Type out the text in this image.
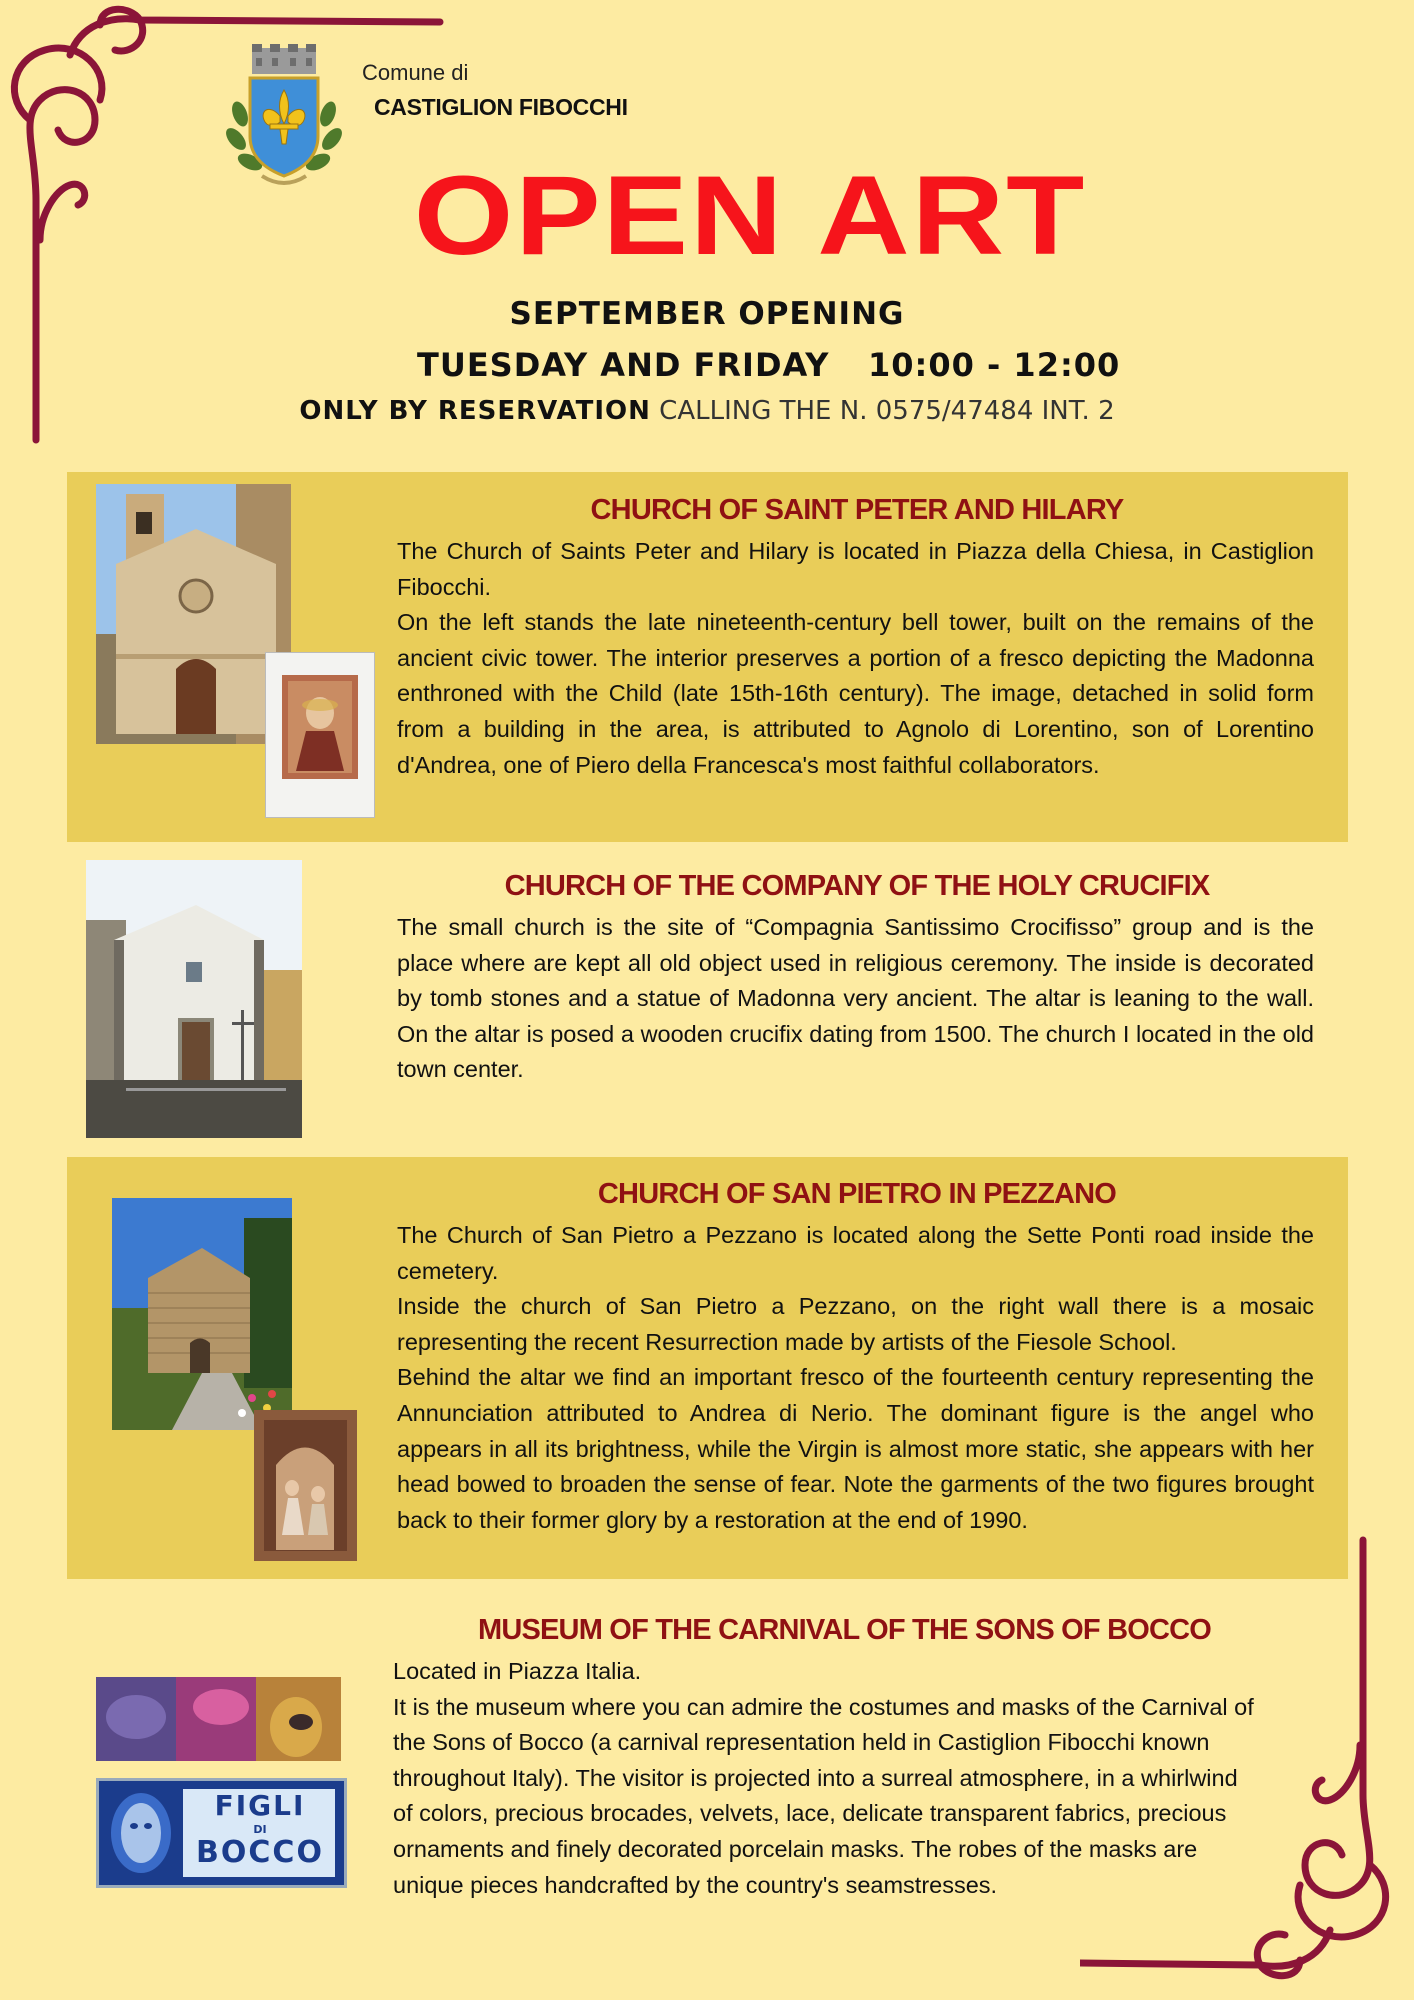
Comune di
CASTIGLION FIBOCCHI
OPEN ART
SEPTEMBER OPENING
TUESDAY AND FRIDAY 10:00 - 12:00
ONLY BY RESERVATION CALLING THE N. 0575/47484 INT. 2
CHURCH OF SAINT PETER AND HILARY

The Church of Saints Peter and Hilary is located in Piazza della Chiesa, in Castiglion Fibocchi.

On the left stands the late nineteenth-century bell tower, built on the remains of the ancient civic tower. The interior preserves a portion of a fresco depicting the Madonna enthroned with the Child (late 15th-16th century). The image, detached in solid form from a building in the area, is attributed to Agnolo di Lorentino, son of Lorentino d'Andrea, one of Piero della Francesca's most faithful collaborators.

CHURCH OF THE COMPANY OF THE HOLY CRUCIFIX

The small church is the site of “Compagnia Santissimo Crocifisso” group and is the place where are kept all old object used in religious ceremony. The inside is decorated by tomb stones and a statue of Madonna very ancient. The altar is leaning to the wall. On the altar is posed a wooden crucifix dating from 1500. The church I located in the old town center.

CHURCH OF SAN PIETRO IN PEZZANO

The Church of San Pietro a Pezzano is located along the Sette Ponti road inside the cemetery.

Inside the church of San Pietro a Pezzano, on the right wall there is a mosaic representing the recent Resurrection made by artists of the Fiesole School.

Behind the altar we find an important fresco of the fourteenth century representing the Annunciation attributed to Andrea di Nerio. The dominant figure is the angel who appears in all its brightness, while the Virgin is almost more static, she appears with her head bowed to broaden the sense of fear. Note the garments of the two figures brought back to their former glory by a restoration at the end of 1990.

FIGLI
DI
BOCCO
MUSEUM OF THE CARNIVAL OF THE SONS OF BOCCO

Located in Piazza Italia.

It is the museum where you can admire the costumes and masks of the Carnival of the Sons of Bocco (a carnival representation held in Castiglion Fibocchi known throughout Italy). The visitor is projected into a surreal atmosphere, in a whirlwind of colors, precious brocades, velvets, lace, delicate transparent fabrics, precious ornaments and finely decorated porcelain masks. The robes of the masks are unique pieces handcrafted by the country's seamstresses.
